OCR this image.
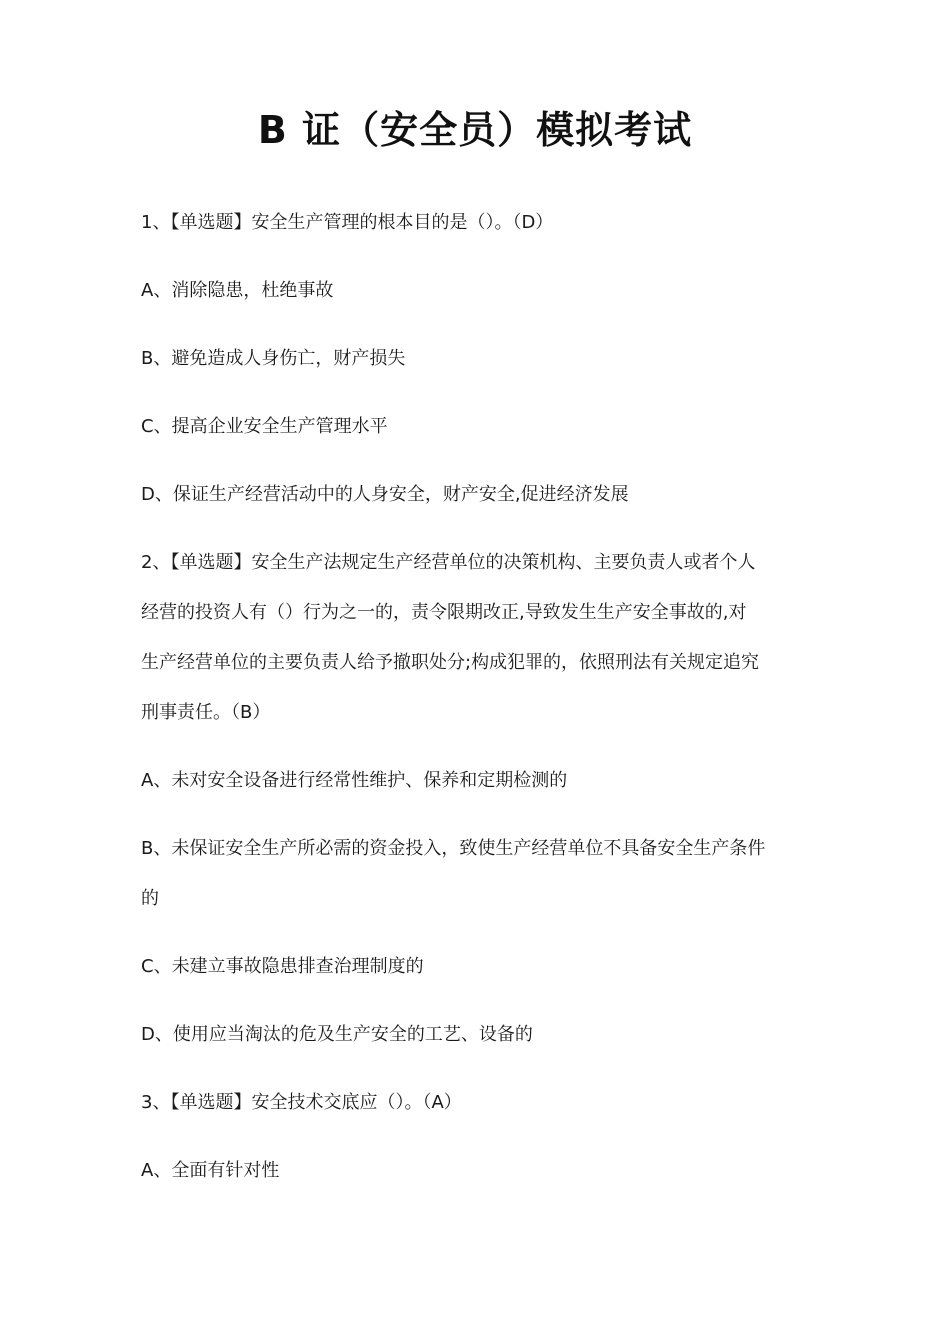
B 证（安全员）模拟考试
1、【单选题】安全生产管理的根本目的是（）。（D）
A、消除隐患，杜绝事故
B、避免造成人身伤亡，财产损失
C、提高企业安全生产管理水平
D、保证生产经营活动中的人身安全，财产安全,促进经济发展
2、【单选题】安全生产法规定生产经营单位的决策机构、主要负责人或者个人
经营的投资人有（）行为之一的，责令限期改正,导致发生生产安全事故的,对
生产经营单位的主要负责人给予撤职处分;构成犯罪的，依照刑法有关规定追究
刑事责任。（B）
A、未对安全设备进行经常性维护、保养和定期检测的
B、未保证安全生产所必需的资金投入，致使生产经营单位不具备安全生产条件
的
C、未建立事故隐患排查治理制度的
D、使用应当淘汰的危及生产安全的工艺、设备的
3、【单选题】安全技术交底应（）。（A）
A、全面有针对性
